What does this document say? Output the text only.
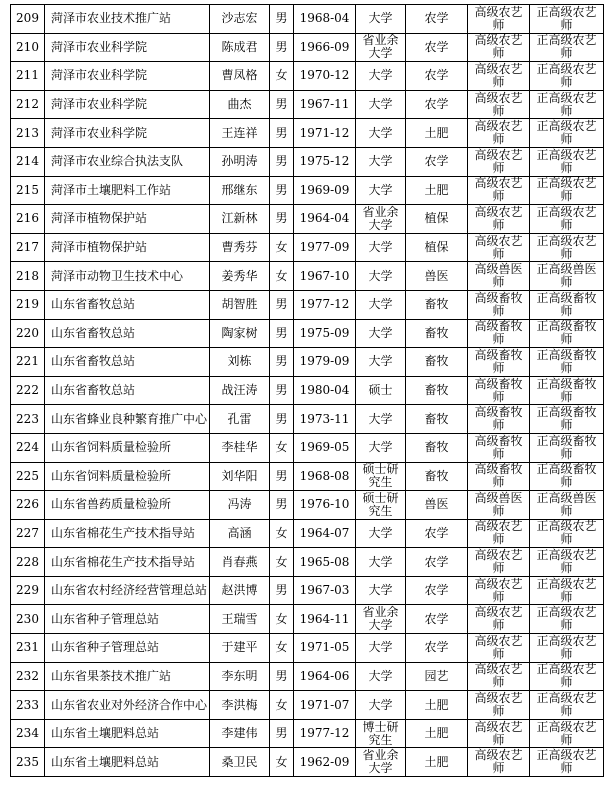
209	菏泽市农业技术推广站	沙志宏	男	1968-04	大学	农学	高级农艺师	正高级农艺师
210	菏泽市农业科学院	陈成君	男	1966-09	省业余大学	农学	高级农艺师	正高级农艺师
211	菏泽市农业科学院	曹凤格	女	1970-12	大学	农学	高级农艺师	正高级农艺师
212	菏泽市农业科学院	曲杰	男	1967-11	大学	农学	高级农艺师	正高级农艺师
213	菏泽市农业科学院	王连祥	男	1971-12	大学	土肥	高级农艺师	正高级农艺师
214	菏泽市农业综合执法支队	孙明涛	男	1975-12	大学	农学	高级农艺师	正高级农艺师
215	菏泽市土壤肥料工作站	邢继东	男	1969-09	大学	土肥	高级农艺师	正高级农艺师
216	菏泽市植物保护站	江新林	男	1964-04	省业余大学	植保	高级农艺师	正高级农艺师
217	菏泽市植物保护站	曹秀芬	女	1977-09	大学	植保	高级农艺师	正高级农艺师
218	菏泽市动物卫生技术中心	姜秀华	女	1967-10	大学	兽医	高级兽医师	正高级兽医师
219	山东省畜牧总站	胡智胜	男	1977-12	大学	畜牧	高级畜牧师	正高级畜牧师
220	山东省畜牧总站	陶家树	男	1975-09	大学	畜牧	高级畜牧师	正高级畜牧师
221	山东省畜牧总站	刘栋	男	1979-09	大学	畜牧	高级畜牧师	正高级畜牧师
222	山东省畜牧总站	战汪涛	男	1980-04	硕士	畜牧	高级畜牧师	正高级畜牧师
223	山东省蜂业良种繁育推广中心	孔雷	男	1973-11	大学	畜牧	高级畜牧师	正高级畜牧师
224	山东省饲料质量检验所	李桂华	女	1969-05	大学	畜牧	高级畜牧师	正高级畜牧师
225	山东省饲料质量检验所	刘华阳	男	1968-08	硕士研究生	畜牧	高级畜牧师	正高级畜牧师
226	山东省兽药质量检验所	冯涛	男	1976-10	硕士研究生	兽医	高级兽医师	正高级兽医师
227	山东省棉花生产技术指导站	高涵	女	1964-07	大学	农学	高级农艺师	正高级农艺师
228	山东省棉花生产技术指导站	肖春燕	女	1965-08	大学	农学	高级农艺师	正高级农艺师
229	山东省农村经济经营管理总站	赵洪博	男	1967-03	大学	农学	高级农艺师	正高级农艺师
230	山东省种子管理总站	王瑞雪	女	1964-11	省业余大学	农学	高级农艺师	正高级农艺师
231	山东省种子管理总站	于建平	女	1971-05	大学	农学	高级农艺师	正高级农艺师
232	山东省果茶技术推广站	李东明	男	1964-06	大学	园艺	高级农艺师	正高级农艺师
233	山东省农业对外经济合作中心	李洪梅	女	1971-07	大学	土肥	高级农艺师	正高级农艺师
234	山东省土壤肥料总站	李建伟	男	1977-12	博士研究生	土肥	高级农艺师	正高级农艺师
235	山东省土壤肥料总站	桑卫民	女	1962-09	省业余大学	土肥	高级农艺师	正高级农艺师
